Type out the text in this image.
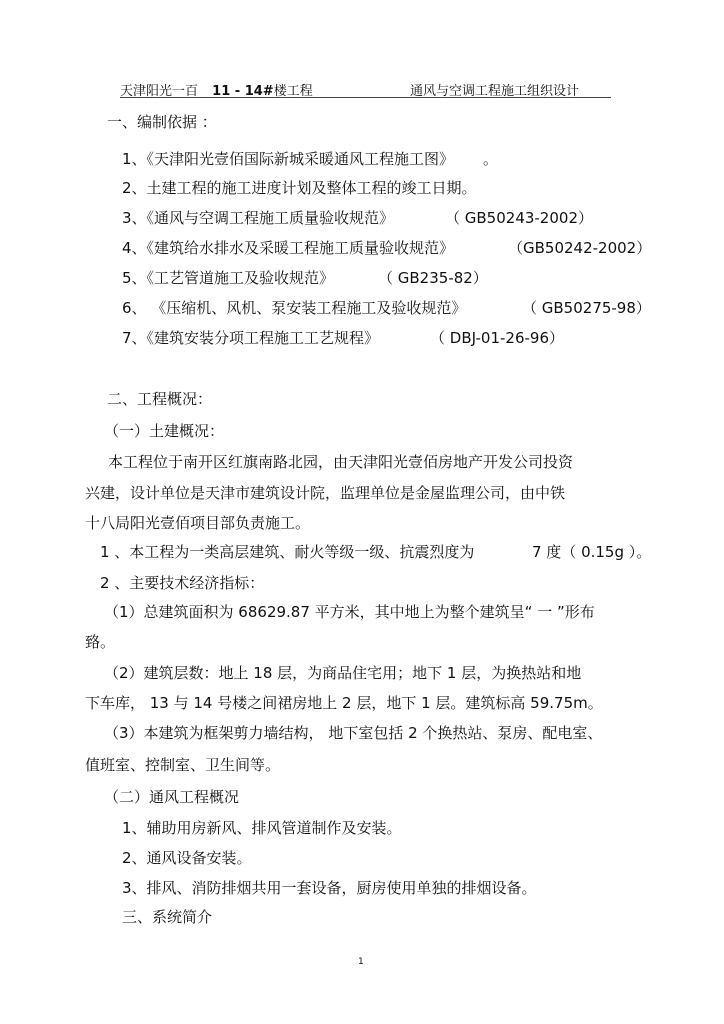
天津阳光一百 11 - 14#楼工程	通风与空调工程施工组织设计
一、编制依据 ：
1、《天津阳光壹佰国际新城采暖通风工程施工图》 。
2、土建工程的施工进度计划及整体工程的竣工日期。
3、《通风与空调工程施工质量验收规范》	（ GB50243-2002）
4、《建筑给水排水及采暖工程施工质量验收规范》	（GB50242-2002）
5、《工艺管道施工及验收规范》	（ GB235-82）
6、 《压缩机、风机、泵安装工程施工及验收规范》	（ GB50275-98）
7、《建筑安装分项工程施工工艺规程》	（ DBJ-01-26-96）
二、工程概况：
（一）土建概况：
本工程位于南开区红旗南路北园，由天津阳光壹佰房地产开发公司投资
兴建，设计单位是天津市建筑设计院，监理单位是金屋监理公司，由中铁
十八局阳光壹佰项目部负责施工。
1 、本工程为一类高层建筑、耐火等级一级、抗震烈度为	7 度（ 0.15g ）。
2 、主要技术经济指标：
（1）总建筑面积为 68629.87 平方米，其中地上为整个建筑呈“ 一 ”形布
臵。
（2）建筑层数：地上 18 层，为商品住宅用；地下 1 层，为换热站和地
下车库， 13 与 14 号楼之间裙房地上 2 层，地下 1 层。建筑标高 59.75m。
（3）本建筑为框架剪力墙结构， 地下室包括 2 个换热站、泵房、配电室、
值班室、控制室、卫生间等。
（二）通风工程概况
1、辅助用房新风、排风管道制作及安装。
2、通风设备安装。
3、排风、消防排烟共用一套设备，厨房使用单独的排烟设备。
三、系统简介
1
